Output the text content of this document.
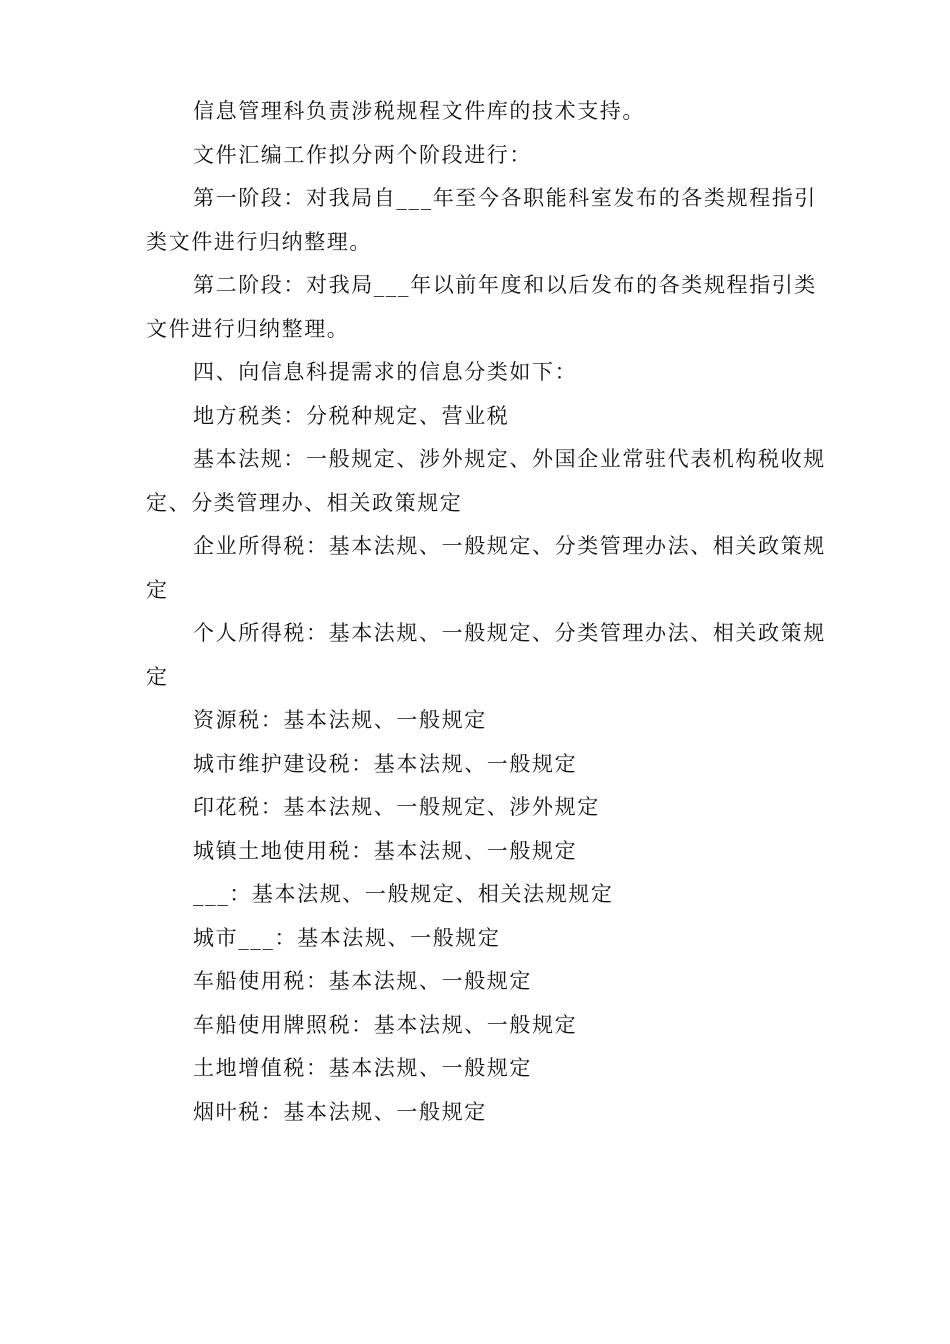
信息管理科负责涉税规程文件库的技术支持。

文件汇编工作拟分两个阶段进行：

第一阶段：对我局自___年至今各职能科室发布的各类规程指引类文件进行归纳整理。

第二阶段：对我局___年以前年度和以后发布的各类规程指引类文件进行归纳整理。

四、向信息科提需求的信息分类如下：

地方税类：分税种规定、营业税

基本法规：一般规定、涉外规定、外国企业常驻代表机构税收规定、分类管理办、相关政策规定

企业所得税：基本法规、一般规定、分类管理办法、相关政策规定

个人所得税：基本法规、一般规定、分类管理办法、相关政策规定

资源税：基本法规、一般规定

城市维护建设税：基本法规、一般规定

印花税：基本法规、一般规定、涉外规定

城镇土地使用税：基本法规、一般规定

___：基本法规、一般规定、相关法规规定

城市___：基本法规、一般规定

车船使用税：基本法规、一般规定

车船使用牌照税：基本法规、一般规定

土地增值税：基本法规、一般规定

烟叶税：基本法规、一般规定
